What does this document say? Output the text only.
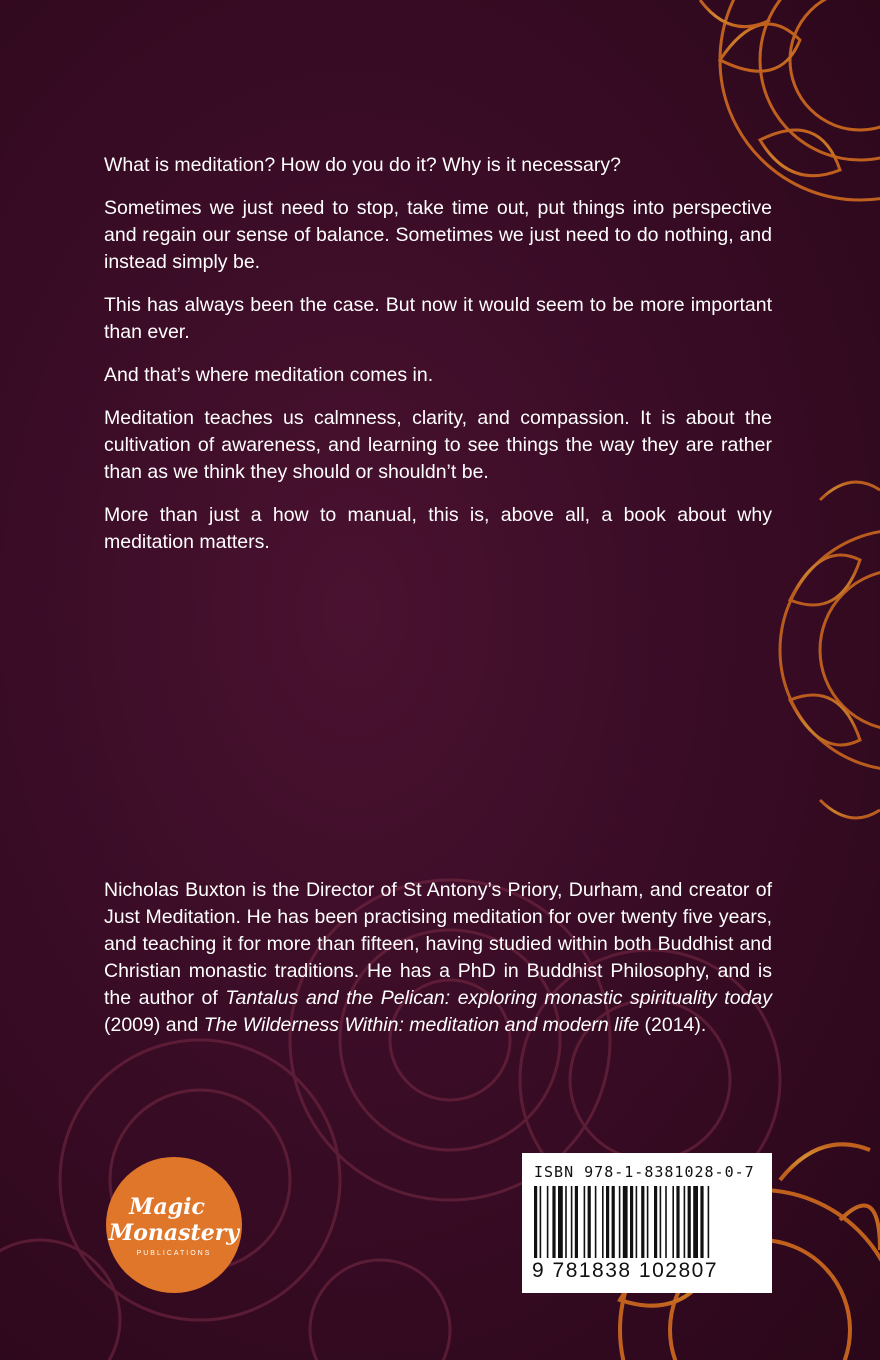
What is meditation? How do you do it? Why is it necessary?

Sometimes we just need to stop, take time out, put things into perspective and regain our sense of balance. Sometimes we just need to do nothing, and instead simply be.

This has always been the case. But now it would seem to be more important than ever.

And that’s where meditation comes in.

Meditation teaches us calmness, clarity, and compassion. It is about the cultivation of awareness, and learning to see things the way they are rather than as we think they should or shouldn’t be.

More than just a how to manual, this is, above all, a book about why meditation matters.

Nicholas Buxton is the Director of St Antony’s Priory, Durham, and creator of Just Meditation. He has been practising meditation for over twenty five years, and teaching it for more than fifteen, having studied within both Buddhist and Christian monastic traditions. He has a PhD in Buddhist Philosophy, and is the author of Tantalus and the Pelican: exploring monastic spirituality today (2009) and The Wilderness Within: meditation and modern life (2014).
Magic
Monastery
PUBLICATIONS
ISBN 978-1-8381028-0-7
9 781838 102807
